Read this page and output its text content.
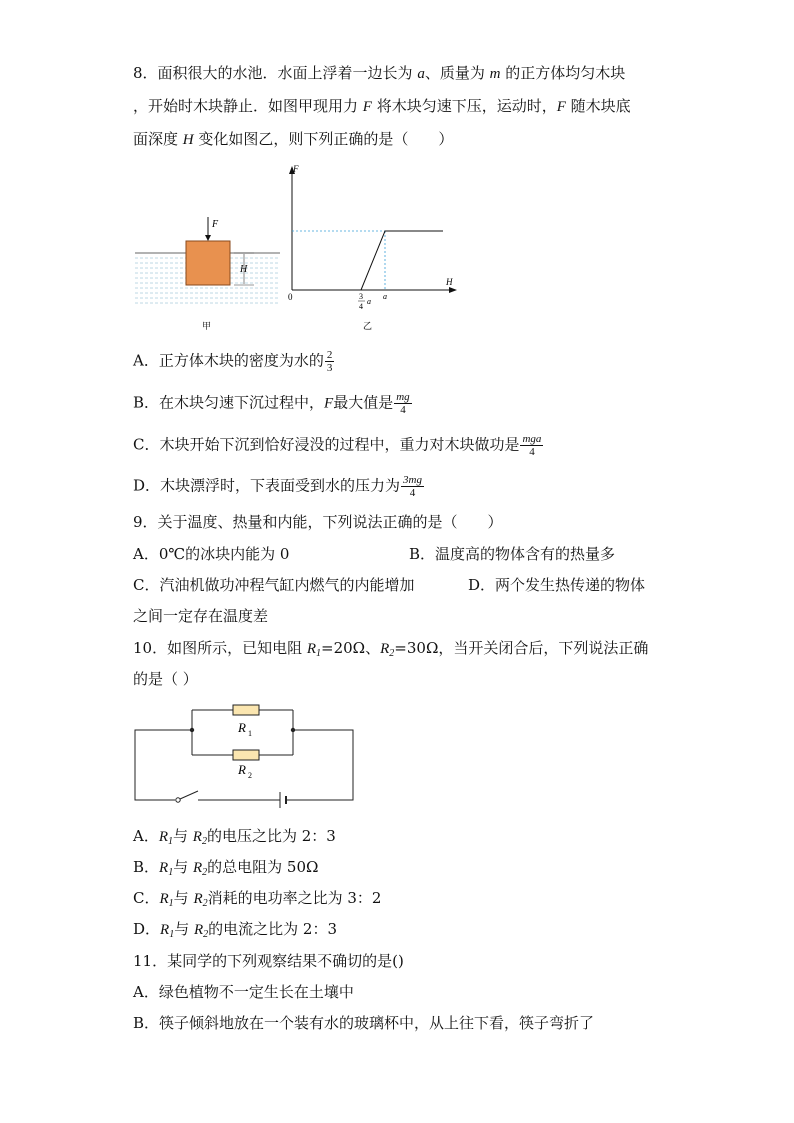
8．面积很大的水池．水面上浮着一边长为 a、质量为 m 的正方体均匀木块
，开始时木块静止．如图甲现用力 F 将木块匀速下压，运动时，F 随木块底
面深度 H 变化如图乙，则下列正确的是（　　）
F
H
甲
F
H
0	3
4
a
a
乙
A．正方体木块的密度为水的 $\frac{2}{3}$
B．在木块匀速下沉过程中，F最大值是 $\frac{mg}{4}$
C．木块开始下沉到恰好浸没的过程中，重力对木块做功是 $\frac{\text{mga}}{4}$
D．木块漂浮时，下表面受到水的压力为 $\frac{3mg}{4}$
9．关于温度、热量和内能，下列说法正确的是（　　）
A．0℃的冰块内能为 0	B．温度高的物体含有的热量多
C．汽油机做功冲程气缸内燃气的内能增加	D．两个发生热传递的物体
之间一定存在温度差
10．如图所示，已知电阻 $R_1=20\Omega$、$R_2=30\Omega$，当开关闭合后，下列说法正确
的是（ ）
R 1
R 2
A．$R_1$与 $R_2$的电压之比为 2：3
B．$R_1$与 $R_2$的总电阻为 50Ω
C．$R_1$与 $R_2$消耗的电功率之比为 3：2
D．$R_1$与 $R_2$的电流之比为 2：3
11．某同学的下列观察结果不确切的是()
A．绿色植物不一定生长在土壤中
B．筷子倾斜地放在一个装有水的玻璃杯中，从上往下看，筷子弯折了
